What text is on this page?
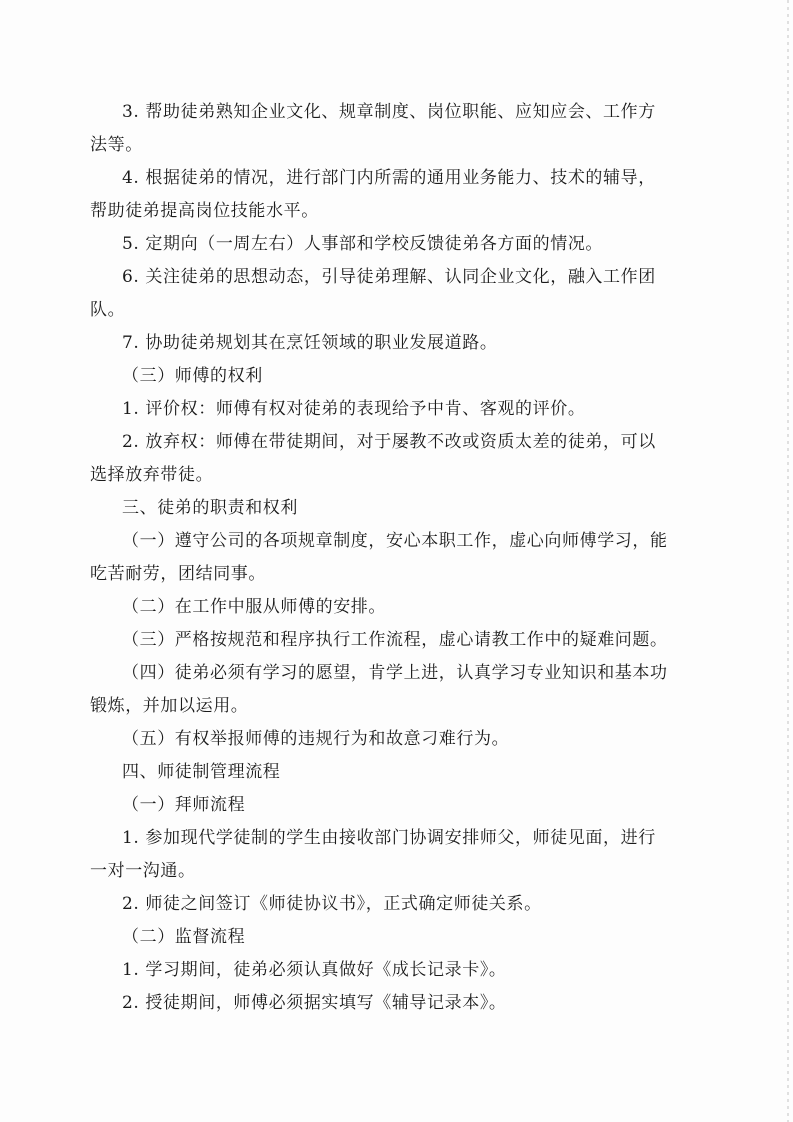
3. 帮助徒弟熟知企业文化、规章制度、岗位职能、应知应会、工作方
法等。
4. 根据徒弟的情况，进行部门内所需的通用业务能力、技术的辅导，
帮助徒弟提高岗位技能水平。
5. 定期向（一周左右）人事部和学校反馈徒弟各方面的情况。
6. 关注徒弟的思想动态，引导徒弟理解、认同企业文化，融入工作团
队。
7. 协助徒弟规划其在烹饪领域的职业发展道路。
（三）师傅的权利
1. 评价权：师傅有权对徒弟的表现给予中肯、客观的评价。
2. 放弃权：师傅在带徒期间，对于屡教不改或资质太差的徒弟，可以
选择放弃带徒。
三、徒弟的职责和权利
（一）遵守公司的各项规章制度，安心本职工作，虚心向师傅学习，能
吃苦耐劳，团结同事。
（二）在工作中服从师傅的安排。
（三）严格按规范和程序执行工作流程，虚心请教工作中的疑难问题。
（四）徒弟必须有学习的愿望，肯学上进，认真学习专业知识和基本功
锻炼，并加以运用。
（五）有权举报师傅的违规行为和故意刁难行为。
四、师徒制管理流程
（一）拜师流程
1. 参加现代学徒制的学生由接收部门协调安排师父，师徒见面，进行
一对一沟通。
2. 师徒之间签订《师徒协议书》，正式确定师徒关系。
（二）监督流程
1. 学习期间，徒弟必须认真做好《成长记录卡》。
2. 授徒期间，师傅必须据实填写《辅导记录本》。
